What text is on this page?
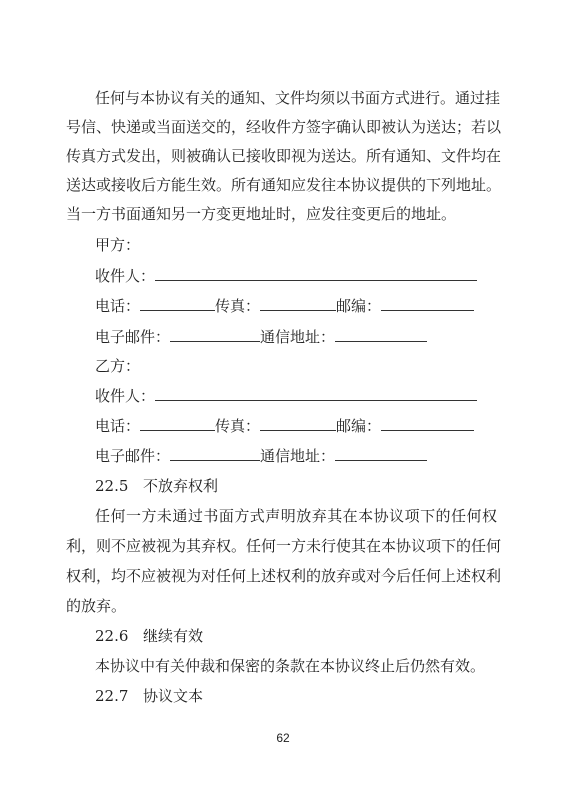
任何与本协议有关的通知、文件均须以书面方式进行。通过挂
号信、快递或当面送交的，经收件方签字确认即被认为送达；若以
传真方式发出，则被确认已接收即视为送达。所有通知、文件均在
送达或接收后方能生效。所有通知应发往本协议提供的下列地址。
当一方书面通知另一方变更地址时，应发往变更后的地址。
甲方：
收件人：
电话：	传真：	邮编：
电子邮件：	通信地址：
乙方：
收件人：
电话：	传真：	邮编：
电子邮件：	通信地址：
22.5 不放弃权利
任何一方未通过书面方式声明放弃其在本协议项下的任何权
利，则不应被视为其弃权。任何一方未行使其在本协议项下的任何
权利，均不应被视为对任何上述权利的放弃或对今后任何上述权利
的放弃。
22.6 继续有效
本协议中有关仲裁和保密的条款在本协议终止后仍然有效。
22.7 协议文本
62
